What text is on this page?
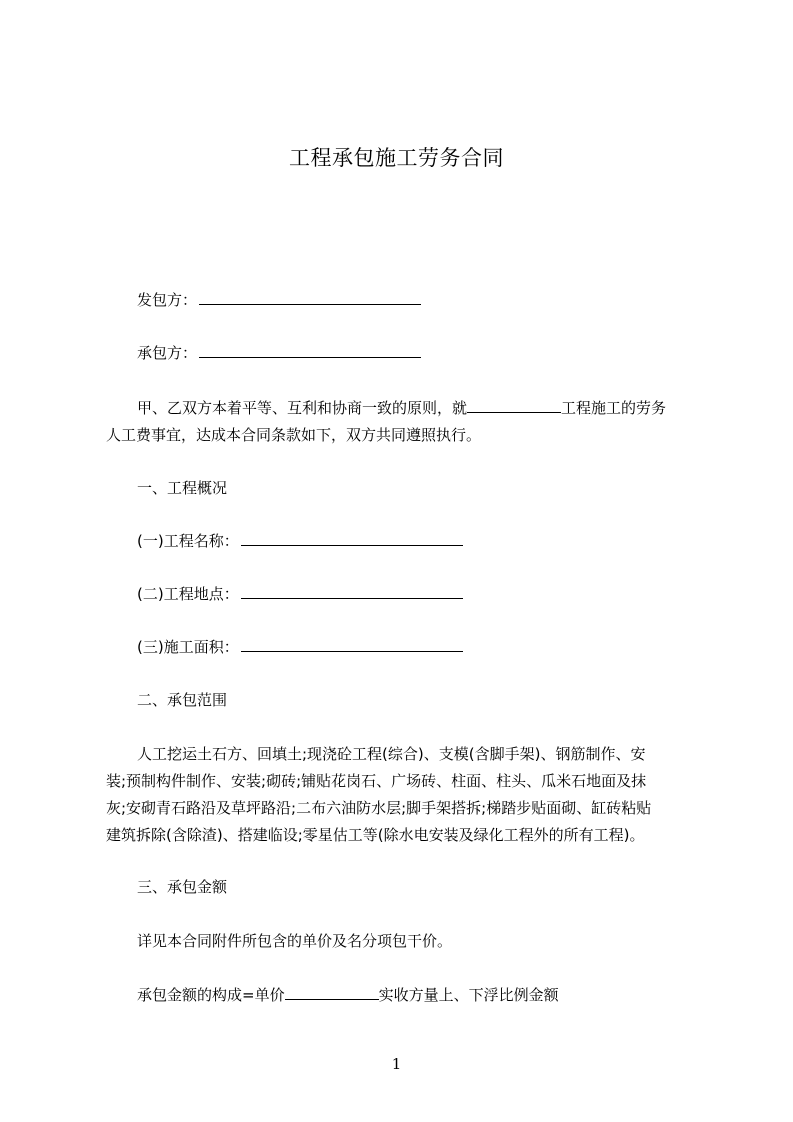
工程承包施工劳务合同
发包方：
承包方：
甲、乙双方本着平等、互利和协商一致的原则，就	工程施工的劳务
人工费事宜，达成本合同条款如下，双方共同遵照执行。
一、工程概况
(一)工程名称：
(二)工程地点：
(三)施工面积：
二、承包范围
人工挖运土石方、回填土;现浇砼工程(综合)、支模(含脚手架)、钢筋制作、安
装;预制构件制作、安装;砌砖;铺贴花岗石、广场砖、柱面、柱头、瓜米石地面及抹
灰;安砌青石路沿及草坪路沿;二布六油防水层;脚手架搭拆;梯踏步贴面砌、缸砖粘贴
建筑拆除(含除渣)、搭建临设;零星估工等(除水电安装及绿化工程外的所有工程)。
三、承包金额
详见本合同附件所包含的单价及名分项包干价。
承包金额的构成=单价	实收方量上、下浮比例金额
1
